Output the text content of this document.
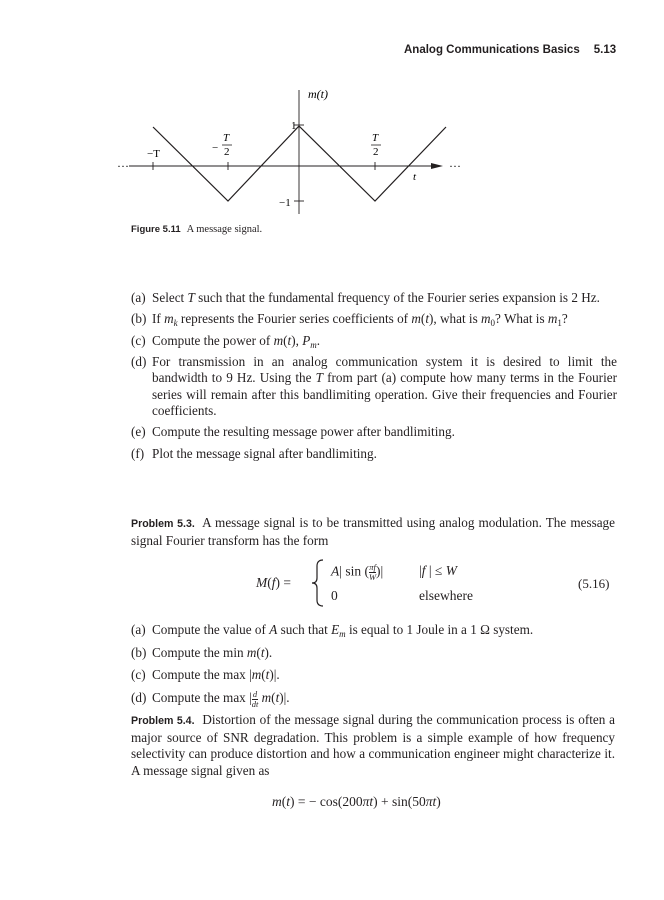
Analog Communications Basics 5.13
m(t)
1
−1
t
−T	−
T
2
T
2
···	···
Figure 5.11 A message signal.
(a) Select T such that the fundamental frequency of the Fourier series expansion is 2 Hz.
(b) If $m_k$ represents the Fourier series coefficients of m(t), what is $m_0$? What is $m_1$?
(c) Compute the power of m(t), $P_m$.
(d) For transmission in an analog communication system it is desired to limit the bandwidth to 9 Hz. Using the T from part (a) compute how many terms in the Fourier series will remain after this bandlimiting operation. Give their frequencies and Fourier coefficients.
(e) Compute the resulting message power after bandlimiting.
(f) Plot the message signal after bandlimiting.
Problem 5.3. A message signal is to be transmitted using analog modulation. The message signal Fourier transform has the form
M(f) =
A| sin ( $\frac{\pi f}{W}$ )|	|f | ≤ W
0	elsewhere
(5.16)
(a) Compute the value of A such that $E_m$ is equal to 1 Joule in a 1 Ω system.
(b) Compute the min m(t).
(c) Compute the max |m(t)|.
(d) Compute the max | $\frac{d}{dt} m(t)|$.
Problem 5.4. Distortion of the message signal during the communication process is often a major source of SNR degradation. This problem is a simple example of how frequency selectivity can produce distortion and how a communication engineer might characterize it. A message signal given as
m(t) = − cos(200πt) + sin(50πt)
